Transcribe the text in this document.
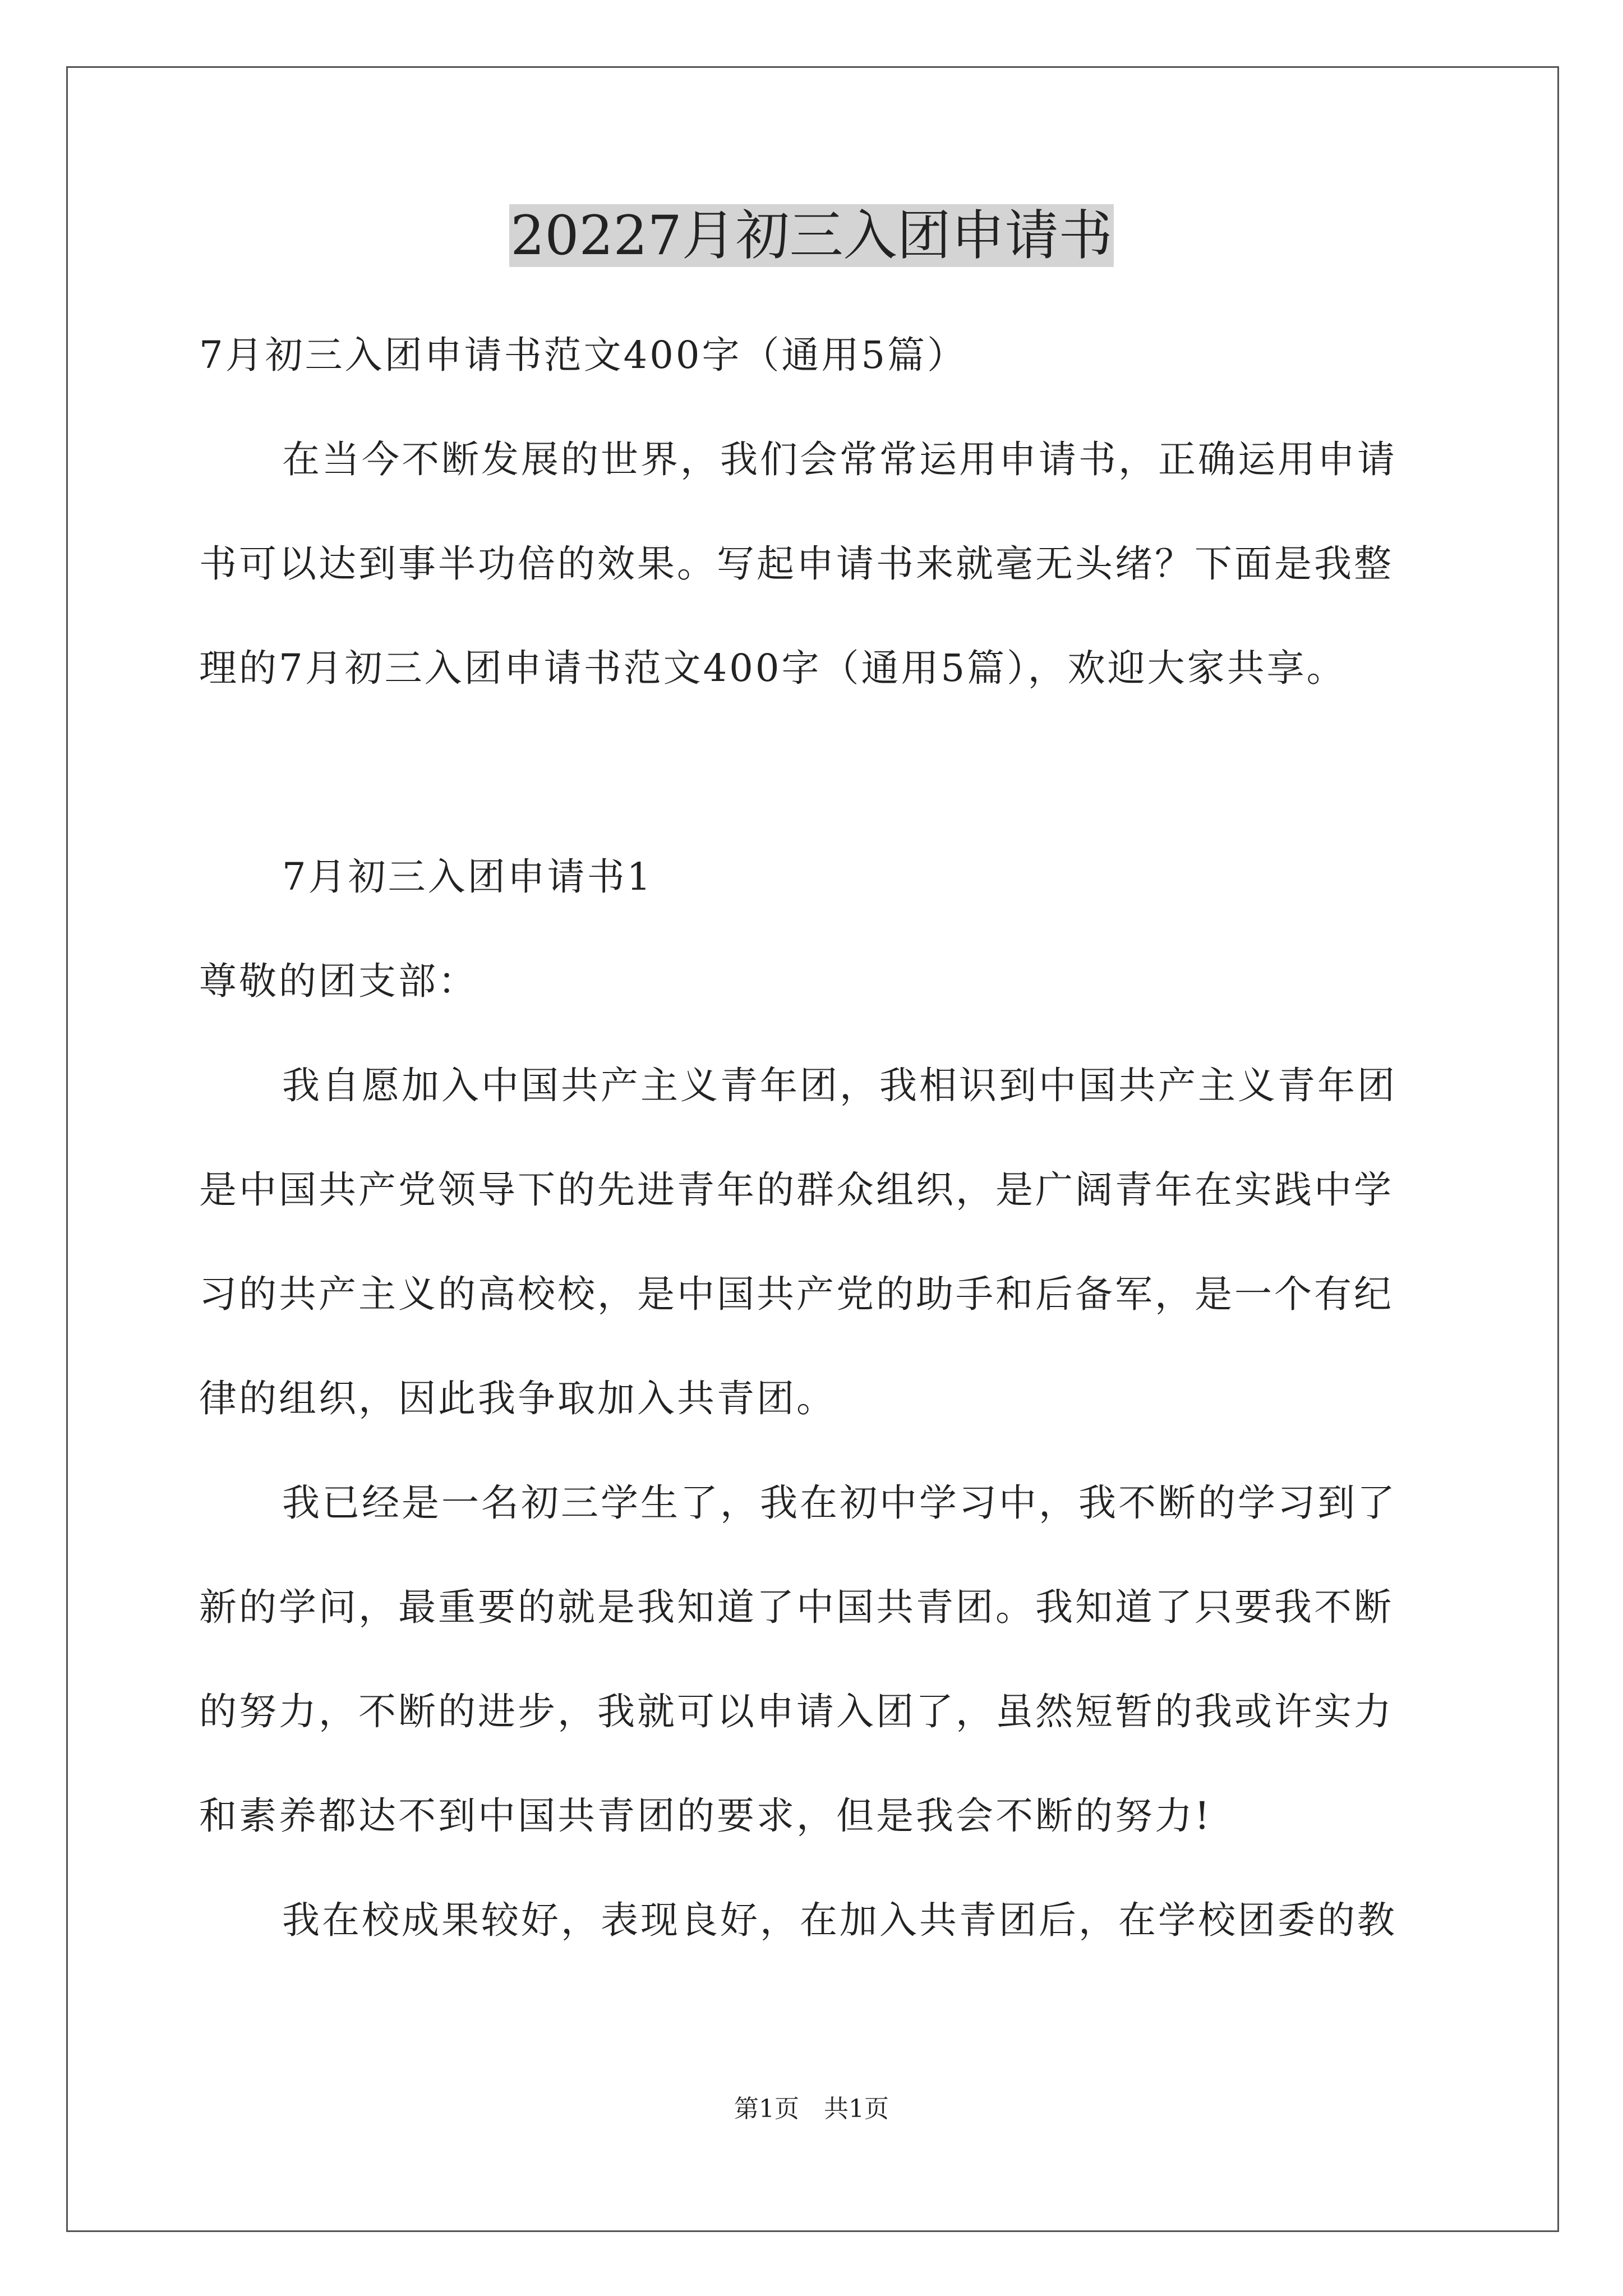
20227月初三入团申请书

7月初三入团申请书范文400字（通用5篇）

在当今不断发展的世界，我们会常常运用申请书，正确运用申请

书可以达到事半功倍的效果。写起申请书来就毫无头绪？下面是我整

理的7月初三入团申请书范文400字（通用5篇），欢迎大家共享。

7月初三入团申请书1

尊敬的团支部：

我自愿加入中国共产主义青年团，我相识到中国共产主义青年团

是中国共产党领导下的先进青年的群众组织，是广阔青年在实践中学

习的共产主义的高校校，是中国共产党的助手和后备军，是一个有纪

律的组织，因此我争取加入共青团。

我已经是一名初三学生了，我在初中学习中，我不断的学习到了

新的学问，最重要的就是我知道了中国共青团。我知道了只要我不断

的努力，不断的进步，我就可以申请入团了，虽然短暂的我或许实力

和素养都达不到中国共青团的要求，但是我会不断的努力!

我在校成果较好，表现良好，在加入共青团后，在学校团委的教

第1页　共1页
